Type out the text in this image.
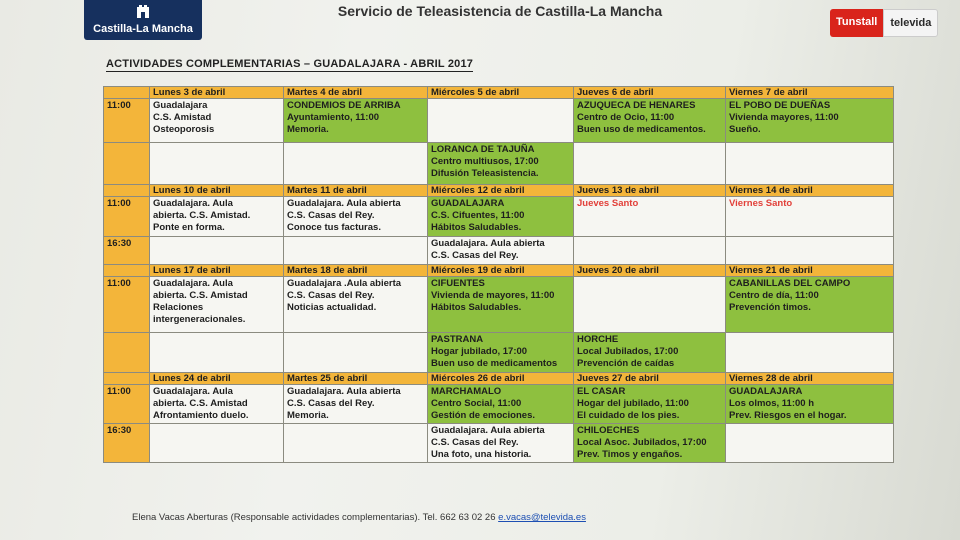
Castilla-La Mancha
Servicio de Teleasistencia de Castilla-La Mancha
Tunstall	televida
ACTIVIDADES COMPLEMENTARIAS – GUADALAJARA - ABRIL 2017
	Lunes 3 de abril	Martes 4 de abril	Miércoles 5 de abril	Jueves 6 de abril	Viernes 7 de abril
11:00	Guadalajara
C.S. Amistad
Osteoporosis	CONDEMIOS DE ARRIBA
Ayuntamiento, 11:00
Memoria.		AZUQUECA DE HENARES
Centro de Ocio, 11:00
Buen uso de medicamentos.	EL POBO DE DUEÑAS
Vivienda mayores, 11:00
Sueño.
			LORANCA DE TAJUÑA
Centro multiusos, 17:00
Difusión Teleasistencia.		
	Lunes 10 de abril	Martes 11 de abril	Miércoles 12 de abril	Jueves 13 de abril	Viernes 14 de abril
11:00	Guadalajara. Aula
abierta. C.S. Amistad.
Ponte en forma.	Guadalajara. Aula abierta
C.S. Casas del Rey.
Conoce tus facturas.	GUADALAJARA
C.S. Cifuentes, 11:00
Hábitos Saludables.	Jueves Santo	Viernes Santo
16:30			Guadalajara. Aula abierta
C.S. Casas del Rey.		
	Lunes 17 de abril	Martes 18 de abril	Miércoles 19 de abril	Jueves 20 de abril	Viernes 21 de abril
11:00	Guadalajara. Aula
abierta. C.S. Amistad
Relaciones
intergeneracionales.	Guadalajara .Aula abierta
C.S. Casas del Rey.
Noticias actualidad.	CIFUENTES
Vivienda de mayores, 11:00
Hábitos Saludables.		CABANILLAS DEL CAMPO
Centro de día, 11:00
Prevención timos.
			PASTRANA
Hogar jubilado, 17:00
Buen uso de medicamentos	HORCHE
Local Jubilados, 17:00
Prevención de caídas	
	Lunes 24 de abril	Martes 25 de abril	Miércoles 26 de abril	Jueves 27 de abril	Viernes 28 de abril
11:00	Guadalajara. Aula
abierta. C.S. Amistad
Afrontamiento duelo.	Guadalajara. Aula abierta
C.S. Casas del Rey.
Memoria.	MARCHAMALO
Centro Social, 11:00
Gestión de emociones.	EL CASAR
Hogar del jubilado, 11:00
El cuidado de los pies.	GUADALAJARA
Los olmos, 11:00 h
Prev. Riesgos en el hogar.
16:30			Guadalajara. Aula abierta
C.S. Casas del Rey.
Una foto, una historia.	CHILOECHES
Local Asoc. Jubilados, 17:00
Prev. Timos y engaños.	
Elena Vacas Aberturas (Responsable actividades complementarias). Tel. 662 63 02 26 e.vacas@televida.es
